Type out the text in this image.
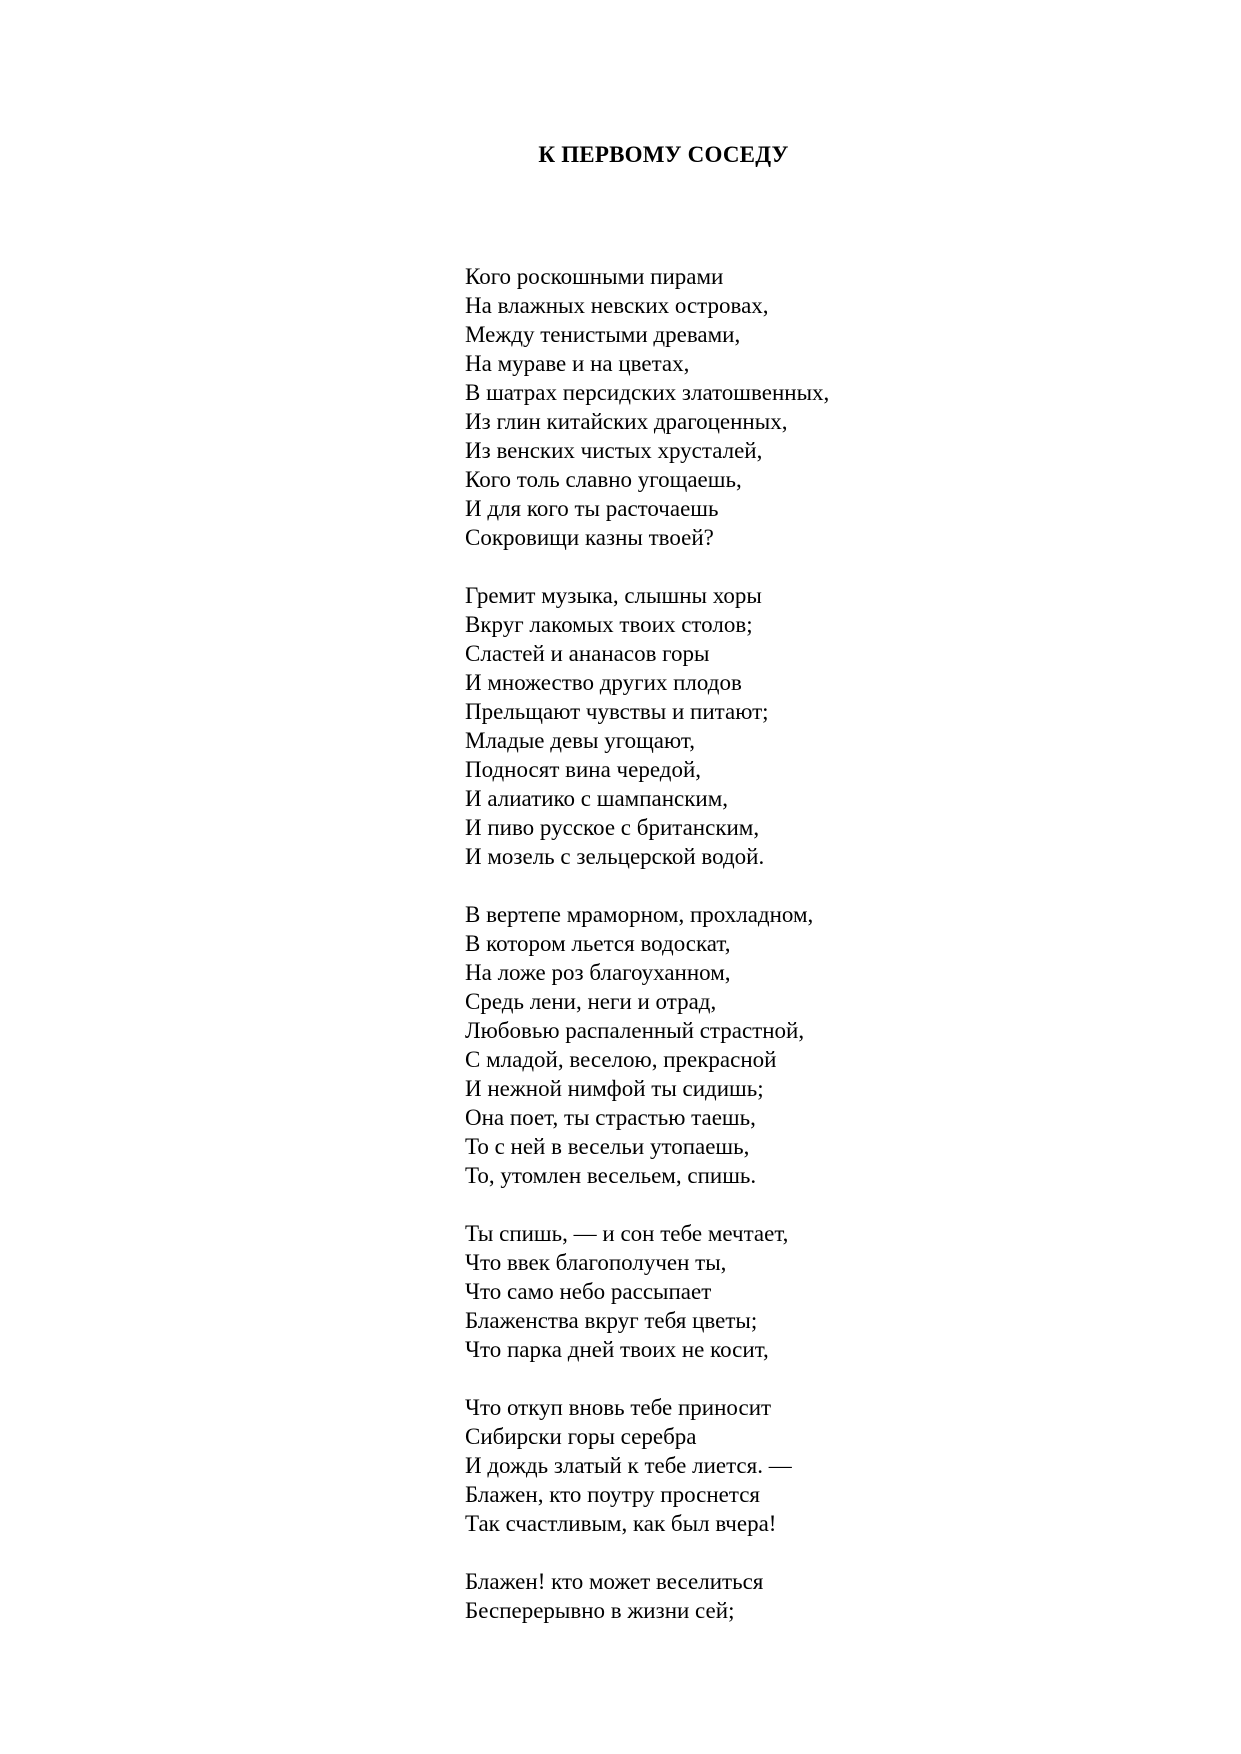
К ПЕРВОМУ СОСЕДУ
Кого роскошными пирами
На влажных невских островах,
Между тенистыми древами,
На мураве и на цветах,
В шатрах персидских златошвенных,
Из глин китайских драгоценных,
Из венских чистых хрусталей,
Кого толь славно угощаешь,
И для кого ты расточаешь
Сокровищи казны твоей?
Гремит музыка, слышны хоры
Вкруг лакомых твоих столов;
Сластей и ананасов горы
И множество других плодов
Прельщают чувствы и питают;
Младые девы угощают,
Подносят вина чередой,
И алиатико с шампанским,
И пиво русское с британским,
И мозель с зельцерской водой.
В вертепе мраморном, прохладном,
В котором льется водоскат,
На ложе роз благоуханном,
Средь лени, неги и отрад,
Любовью распаленный страстной,
С младой, веселою, прекрасной
И нежной нимфой ты сидишь;
Она поет, ты страстью таешь,
То с ней в весельи утопаешь,
То, утомлен весельем, спишь.
Ты спишь, — и сон тебе мечтает,
Что ввек благополучен ты,
Что само небо рассыпает
Блаженства вкруг тебя цветы;
Что парка дней твоих не косит,
Что откуп вновь тебе приносит
Сибирски горы серебра
И дождь златый к тебе лиется. —
Блажен, кто поутру проснется
Так счастливым, как был вчера!
Блажен! кто может веселиться
Бесперерывно в жизни сей;
